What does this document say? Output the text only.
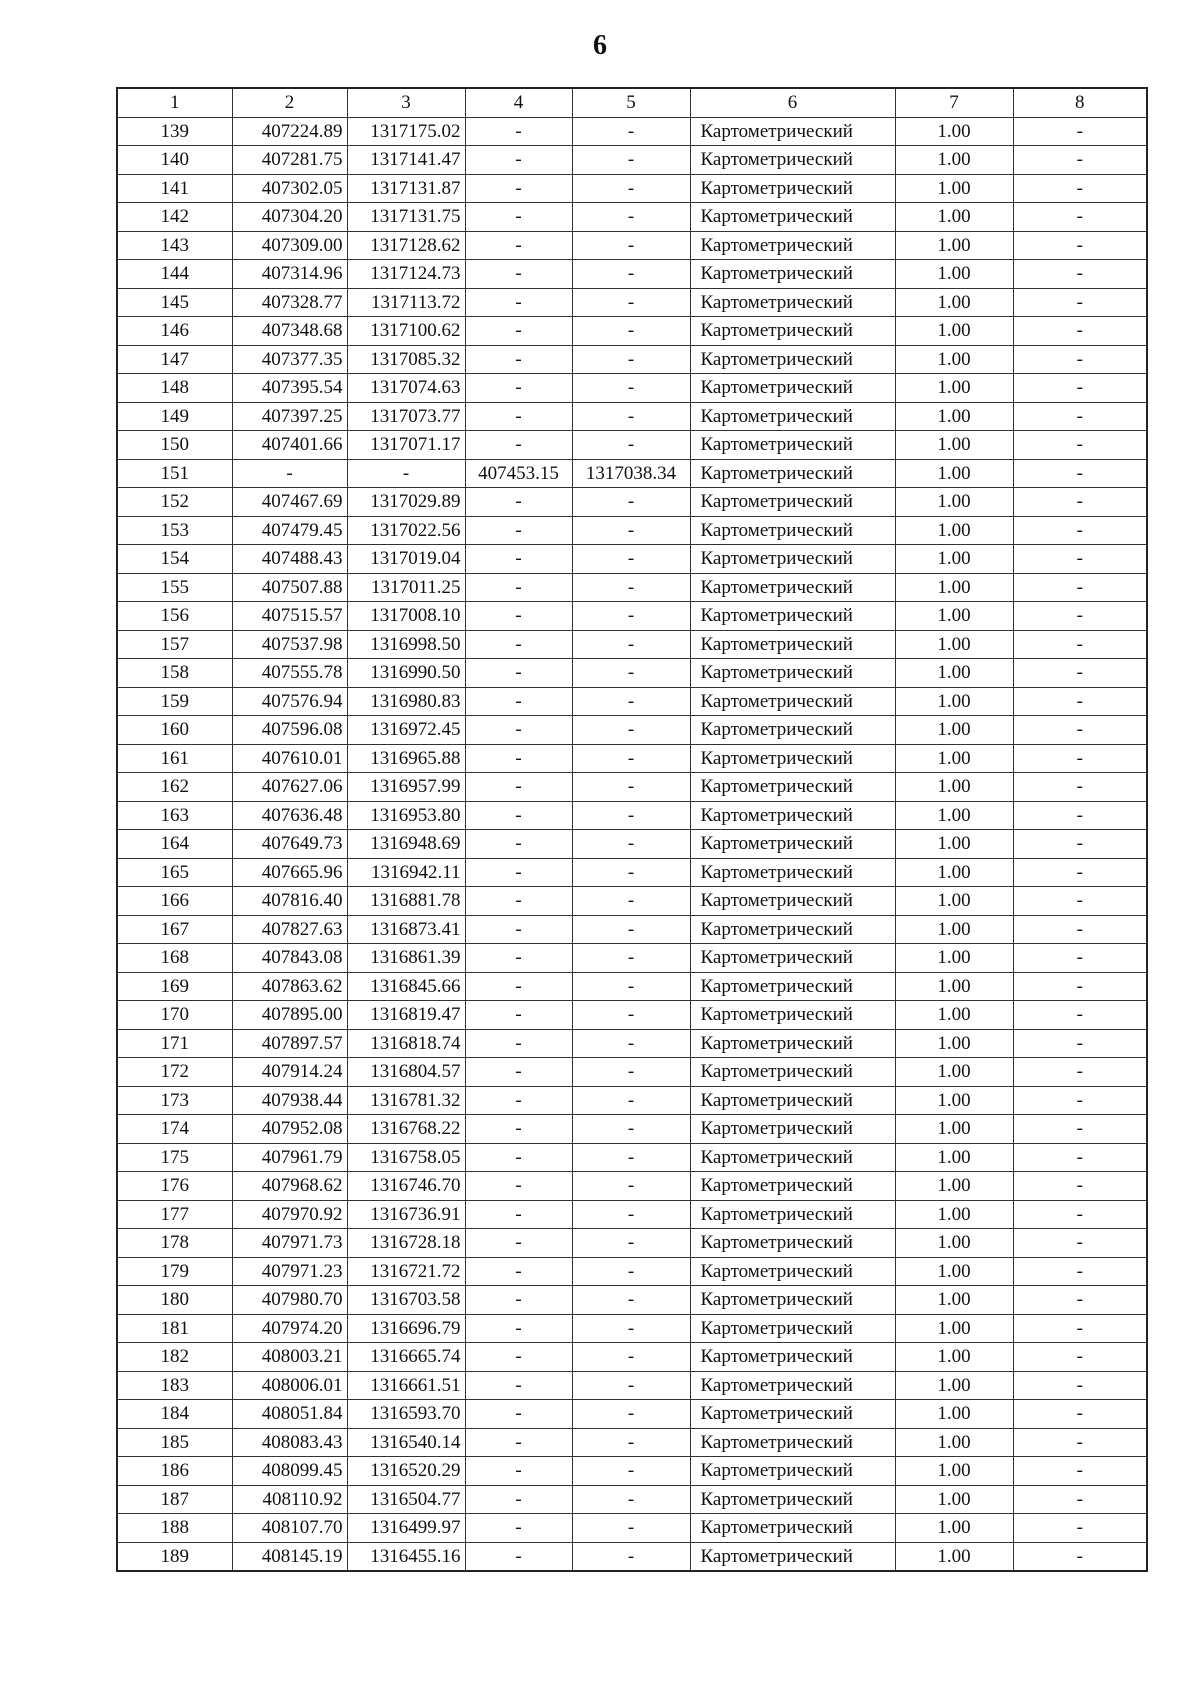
6
1	2	3	4	5	6	7	8
139	407224.89	1317175.02	-	-	Картометрический	1.00	-
140	407281.75	1317141.47	-	-	Картометрический	1.00	-
141	407302.05	1317131.87	-	-	Картометрический	1.00	-
142	407304.20	1317131.75	-	-	Картометрический	1.00	-
143	407309.00	1317128.62	-	-	Картометрический	1.00	-
144	407314.96	1317124.73	-	-	Картометрический	1.00	-
145	407328.77	1317113.72	-	-	Картометрический	1.00	-
146	407348.68	1317100.62	-	-	Картометрический	1.00	-
147	407377.35	1317085.32	-	-	Картометрический	1.00	-
148	407395.54	1317074.63	-	-	Картометрический	1.00	-
149	407397.25	1317073.77	-	-	Картометрический	1.00	-
150	407401.66	1317071.17	-	-	Картометрический	1.00	-
151	-	-	407453.15	1317038.34	Картометрический	1.00	-
152	407467.69	1317029.89	-	-	Картометрический	1.00	-
153	407479.45	1317022.56	-	-	Картометрический	1.00	-
154	407488.43	1317019.04	-	-	Картометрический	1.00	-
155	407507.88	1317011.25	-	-	Картометрический	1.00	-
156	407515.57	1317008.10	-	-	Картометрический	1.00	-
157	407537.98	1316998.50	-	-	Картометрический	1.00	-
158	407555.78	1316990.50	-	-	Картометрический	1.00	-
159	407576.94	1316980.83	-	-	Картометрический	1.00	-
160	407596.08	1316972.45	-	-	Картометрический	1.00	-
161	407610.01	1316965.88	-	-	Картометрический	1.00	-
162	407627.06	1316957.99	-	-	Картометрический	1.00	-
163	407636.48	1316953.80	-	-	Картометрический	1.00	-
164	407649.73	1316948.69	-	-	Картометрический	1.00	-
165	407665.96	1316942.11	-	-	Картометрический	1.00	-
166	407816.40	1316881.78	-	-	Картометрический	1.00	-
167	407827.63	1316873.41	-	-	Картометрический	1.00	-
168	407843.08	1316861.39	-	-	Картометрический	1.00	-
169	407863.62	1316845.66	-	-	Картометрический	1.00	-
170	407895.00	1316819.47	-	-	Картометрический	1.00	-
171	407897.57	1316818.74	-	-	Картометрический	1.00	-
172	407914.24	1316804.57	-	-	Картометрический	1.00	-
173	407938.44	1316781.32	-	-	Картометрический	1.00	-
174	407952.08	1316768.22	-	-	Картометрический	1.00	-
175	407961.79	1316758.05	-	-	Картометрический	1.00	-
176	407968.62	1316746.70	-	-	Картометрический	1.00	-
177	407970.92	1316736.91	-	-	Картометрический	1.00	-
178	407971.73	1316728.18	-	-	Картометрический	1.00	-
179	407971.23	1316721.72	-	-	Картометрический	1.00	-
180	407980.70	1316703.58	-	-	Картометрический	1.00	-
181	407974.20	1316696.79	-	-	Картометрический	1.00	-
182	408003.21	1316665.74	-	-	Картометрический	1.00	-
183	408006.01	1316661.51	-	-	Картометрический	1.00	-
184	408051.84	1316593.70	-	-	Картометрический	1.00	-
185	408083.43	1316540.14	-	-	Картометрический	1.00	-
186	408099.45	1316520.29	-	-	Картометрический	1.00	-
187	408110.92	1316504.77	-	-	Картометрический	1.00	-
188	408107.70	1316499.97	-	-	Картометрический	1.00	-
189	408145.19	1316455.16	-	-	Картометрический	1.00	-
